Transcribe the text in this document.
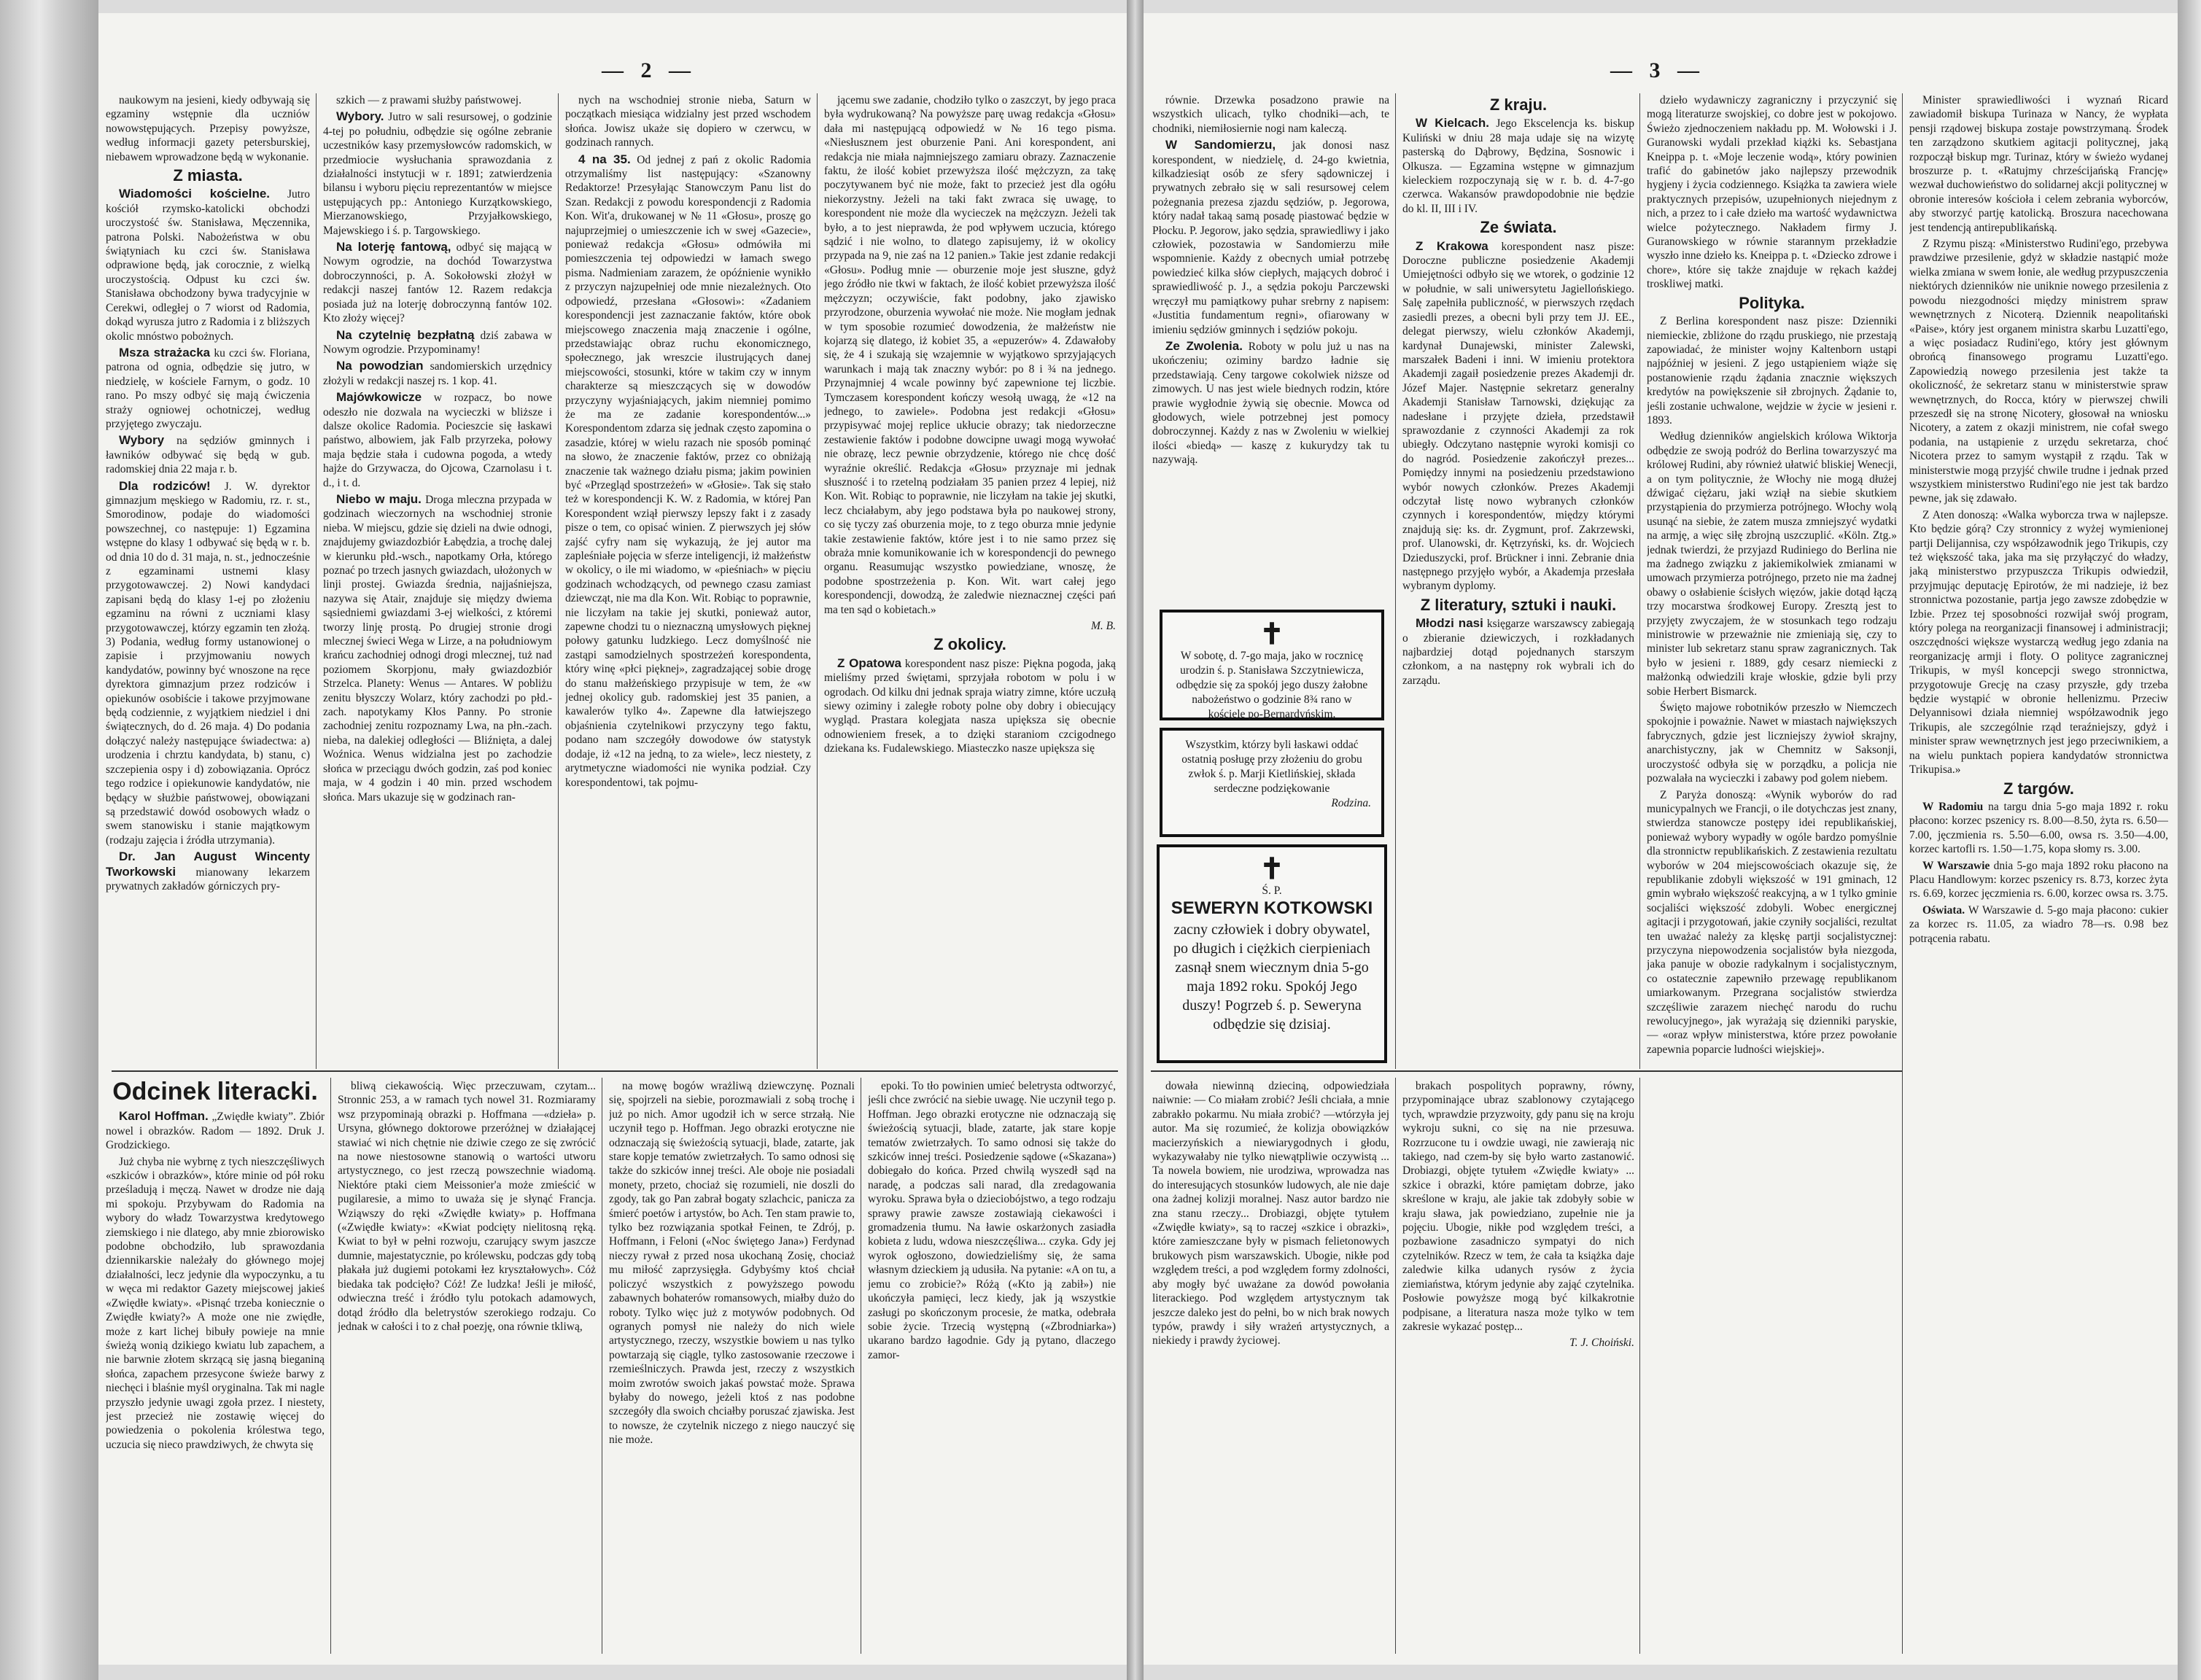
— 2 —

naukowym na jesieni, kiedy odbywają się egzaminy wstępnie dla uczniów nowowstępujących. Przepisy powyższe, według informacji gazety petersburskiej, niebawem wprowadzone będą w wykonanie.

Z miasta.

Wiadomości kościelne. Jutro kościół rzymsko-katolicki obchodzi uroczystość św. Stanisława, Męczennika, patrona Polski. Nabożeństwa w obu świątyniach ku czci św. Stanisława odprawione będą, jak corocznie, z wielką uroczystością. Odpust ku czci św. Stanisława obchodzony bywa tradycyjnie w Cerekwi, odległej o 7 wiorst od Radomia, dokąd wyrusza jutro z Radomia i z bliższych okolic mnóstwo pobożnych.

Msza strażacka ku czci św. Floriana, patrona od ognia, odbędzie się jutro, w niedzielę, w kościele Farnym, o godz. 10 rano. Po mszy odbyć się mają ćwiczenia straży ogniowej ochotniczej, według przyjętego zwyczaju.

Wybory na sędziów gminnych i ławników odbywać się będą w gub. radomskiej dnia 22 maja r. b.

Dla rodziców! J. W. dyrektor gimnazjum męskiego w Radomiu, rz. r. st., Smorodinow, podaje do wiadomości powszechnej, co następuje: 1) Egzamina wstępne do klasy 1 odbywać się będą w r. b. od dnia 10 do d. 31 maja, n. st., jednocześnie z egzaminami ustnemi klasy przygotowawczej. 2) Nowi kandydaci zapisani będą do klasy 1-ej po złożeniu egzaminu na równi z uczniami klasy przygotowawczej, którzy egzamin ten złożą. 3) Podania, według formy ustanowionej o zapisie i przyjmowaniu nowych kandydatów, powinny być wnoszone na ręce dyrektora gimnazjum przez rodziców i opiekunów osobiście i takowe przyjmowane będą codziennie, z wyjątkiem niedziel i dni świątecznych, do d. 26 maja. 4) Do podania dołączyć należy następujące świadectwa: a) urodzenia i chrztu kandydata, b) stanu, c) szczepienia ospy i d) zobowiązania. Oprócz tego rodzice i opiekunowie kandydatów, nie będący w służbie państwowej, obowiązani są przedstawić dowód osobowych władz o swem stanowisku i stanie majątkowym (rodzaju zajęcia i źródła utrzymania).

Dr. Jan August Wincenty Tworkowski mianowany lekarzem prywatnych zakładów górniczych pry-

szkich — z prawami służby państwowej.

Wybory. Jutro w sali resursowej, o godzinie 4-tej po południu, odbędzie się ogólne zebranie uczestników kasy przemysłowców radomskich, w przedmiocie wysłuchania sprawozdania z działalności instytucji w r. 1891; zatwierdzenia bilansu i wyboru pięciu reprezentantów w miejsce ustępujących pp.: Antoniego Kurzątkowskiego, Mierzanowskiego, Przyjałkowskiego, Majewskiego i ś. p. Targowskiego.

Na loterję fantową, odbyć się mającą w Nowym ogrodzie, na dochód Towarzystwa dobroczynności, p. A. Sokołowski złożył w redakcji naszej fantów 12. Razem redakcja posiada już na loterję dobroczynną fantów 102. Kto złoży więcej?

Na czytelnię bezpłatną dziś zabawa w Nowym ogrodzie. Przypominamy!

Na powodzian sandomierskich urzędnicy złożyli w redakcji naszej rs. 1 kop. 41.

Majówkowicze w rozpacz, bo nowe odeszło nie dozwala na wycieczki w bliższe i dalsze okolice Radomia. Pocieszcie się łaskawi państwo, albowiem, jak Falb przyrzeka, połowy maja będzie stała i cudowna pogoda, a wtedy hajże do Grzywacza, do Ojcowa, Czarnolasu i t. d., i t. d.

Niebo w maju. Droga mleczna przypada w godzinach wieczornych na wschodniej stronie nieba. W miejscu, gdzie się dzieli na dwie odnogi, znajdujemy gwiazdozbiór Łabędzia, a trochę dalej w kierunku płd.-wsch., napotkamy Orła, którego poznać po trzech jasnych gwiazdach, ułożonych w linji prostej. Gwiazda średnia, najjaśniejsza, nazywa się Atair, znajduje się między dwiema sąsiedniemi gwiazdami 3-ej wielkości, z któremi tworzy linję prostą. Po drugiej stronie drogi mlecznej świeci Wega w Lirze, a na południowym krańcu zachodniej odnogi drogi mlecznej, tuż nad poziomem Skorpjonu, mały gwiazdozbiór Strzelca. Planety: Wenus — Antares. W pobliżu zenitu błyszczy Wolarz, który zachodzi po płd.-zach. napotykamy Kłos Panny. Po stronie zachodniej zenitu rozpoznamy Lwa, na płn.-zach. nieba, na dalekiej odległości — Bliźnięta, a dalej Woźnica. Wenus widzialna jest po zachodzie słońca w przeciągu dwóch godzin, zaś pod koniec maja, w 4 godzin i 40 min. przed wschodem słońca. Mars ukazuje się w godzinach ran-

nych na wschodniej stronie nieba, Saturn w początkach miesiąca widzialny jest przed wschodem słońca. Jowisz ukaże się dopiero w czerwcu, w godzinach rannych.

4 na 35. Od jednej z pań z okolic Radomia otrzymaliśmy list następujący: «Szanowny Redaktorze! Przesyłając Stanowczym Panu list do Szan. Redakcji z powodu korespondencji z Radomia Kon. Wit'a, drukowanej w № 11 «Głosu», proszę go najuprzejmiej o umieszczenie ich w swej «Gazecie», ponieważ redakcja «Głosu» odmówiła mi pomieszczenia tej odpowiedzi w łamach swego pisma. Nadmieniam zarazem, że opóźnienie wynikło z przyczyn najzupełniej ode mnie niezależnych. Oto odpowiedź, przesłana «Głosowi»: «Zadaniem korespondencji jest zaznaczanie faktów, które obok miejscowego znaczenia mają znaczenie i ogólne, przedstawiając obraz ruchu ekonomicznego, społecznego, jak wreszcie ilustrujących danej miejscowości, stosunki, które w takim czy w innym charakterze są mieszczących się w dowodów przyczyny wyjaśniających, jakim niemniej pomimo że ma ze zadanie korespondentów...» Korespondentom zdarza się jednak często zapomina o zasadzie, której w wielu razach nie sposób pominąć na słowo, że znaczenie faktów, przez co obniżają znaczenie tak ważnego działu pisma; jakim powinien być «Przegląd spostrzeżeń» w «Głosie». Tak się stało też w korespondencji K. W. z Radomia, w której Pan Korespondent wziął pierwszy lepszy fakt i z zasady pisze o tem, co opisać winien. Z pierwszych jej słów zajść cyfry nam się wykazują, że jej autor ma zapleśniałe pojęcia w sferze inteligencji, iż małżeństw w okolicy, o ile mi wiadomo, w «pieśniach» w pięciu godzinach wchodzących, od pewnego czasu zamiast dziewcząt, nie ma dla Kon. Wit. Robiąc to poprawnie, nie liczyłam na takie jej skutki, ponieważ autor, zapewne chodzi tu o nieznaczną umysłowych pięknej połowy gatunku ludzkiego. Lecz domyślność nie zastąpi samodzielnych spostrzeżeń korespondenta, który winę «płci pięknej», zagradzającej sobie drogę do stanu małżeńskiego przypisuje w tem, że «w jednej okolicy gub. radomskiej jest 35 panien, a kawalerów tylko 4». Zapewne dla łatwiejszego objaśnienia czytelnikowi przyczyny tego faktu, podano nam szczegóły dowodowe ów statystyk dodaje, iż «12 na jedną, to za wiele», lecz niestety, z arytmetyczne wiadomości nie wynika podział. Czy korespondentowi, tak pojmu-

jącemu swe zadanie, chodziło tylko o zaszczyt, by jego praca była wydrukowaną? Na powyższe parę uwag redakcja «Głosu» dała mi następującą odpowiedź w № 16 tego pisma. «Niesłusznem jest oburzenie Pani. Ani korespondent, ani redakcja nie miała najmniejszego zamiaru obrazy. Zaznaczenie faktu, że ilość kobiet przewyższa ilość mężczyzn, za takę poczytywanem być nie może, fakt to przecież jest dla ogółu niekorzystny. Jeżeli na taki fakt zwraca się uwagę, to korespondent nie może dla wycieczek na mężczyzn. Jeżeli tak było, a to jest nieprawda, że pod wpływem uczucia, którego sądzić i nie wolno, to dlatego zapisujemy, iż w okolicy przypada na 9, nie zaś na 12 panien.» Takie jest zdanie redakcji «Głosu». Podług mnie — oburzenie moje jest słuszne, gdyż jego źródło nie tkwi w faktach, że ilość kobiet przewyższa ilość mężczyzn; oczywiście, fakt podobny, jako zjawisko przyrodzone, oburzenia wywołać nie może. Nie mogłam jednak w tym sposobie rozumieć dowodzenia, że małżeństw nie kojarzą się dlatego, iż kobiet 35, a «epuzerów» 4. Zdawałoby się, że 4 i szukają się wzajemnie w wyjątkowo sprzyjających warunkach i mają tak znaczny wybór: po 8 i ¾ na jednego. Przynajmniej 4 wcale powinny być zapewnione tej liczbie. Tymczasem korespondent kończy wesołą uwagą, że «12 na jednego, to zawiele». Podobna jest redakcji «Głosu» przypisywać mojej replice ukłucie obrazy; tak niedorzeczne zestawienie faktów i podobne dowcipne uwagi mogą wywołać nie obrazę, lecz pewnie obrzydzenie, którego nie chcę dość wyraźnie określić. Redakcja «Głosu» przyznaje mi jednak słuszność i to rzetelną podziałam 35 panien przez 4 lepiej, niż Kon. Wit. Robiąc to poprawnie, nie liczyłam na takie jej skutki, lecz chciałabym, aby jego podstawa była po naukowej strony, co się tyczy zaś oburzenia moje, to z tego oburza mnie jedynie takie zestawienie faktów, które jest i to nie samo przez się obraża mnie komunikowanie ich w korespondencji do pewnego organu. Reasumując wszystko powiedziane, wnoszę, że podobne spostrzeżenia p. Kon. Wit. wart całej jego korespondencji, dowodzą, że zaledwie nieznacznej części pań ma ten sąd o kobietach.»

M. B.
Z okolicy.

Z Opatowa korespondent nasz pisze: Piękna pogoda, jaką mieliśmy przed świętami, sprzyjała robotom w polu i w ogrodach. Od kilku dni jednak spraja wiatry zimne, które uczułą siewy oziminy i zaległe roboty polne oby dobry i obiecujący wygląd. Prastara kolegjata nasza upiększa się obecnie odnowieniem fresek, a to dzięki staraniom czcigodnego dziekana ks. Fudalewskiego. Miasteczko nasze upiększa się

Odcinek literacki.

Karol Hoffman. „Zwiędłe kwiaty”. Zbiór nowel i obrazków. Radom — 1892. Druk J. Grodzickiego.

Już chyba nie wybrnę z tych nieszczęśliwych «szkiców i obrazków», które minie od pół roku prześladują i męczą. Nawet w drodze nie dają mi spokoju. Przybywam do Radomia na wybory do władz Towarzystwa kredytowego ziemskiego i nie dlatego, aby mnie zbiorowisko podobne obchodziło, lub sprawozdania dziennikarskie należały do głównego mojej działalności, lecz jedynie dla wypoczynku, a tu w węca mi redaktor Gazety miejscowej jakieś «Zwiędłe kwiaty». «Pisnąć trzeba koniecznie o Zwiędłe kwiaty?» A może one nie zwiędłe, może z kart lichej bibuły powieje na mnie świeżą wonią dzikiego kwiatu lub zapachem, a nie barwnie złotem skrzącą się jasną bieganiną słońca, zapachem przesycone świeże barwy z niechęci i blaśnie myśl oryginalna. Tak mi nagle przyszło jedynie uwagi zgoła przez. I niestety, jest przecież nie zostawię więcej do powiedzenia o pokolenia królestwa tego, uczucia się nieco prawdziwych, że chwyta się

bliwą ciekawością. Więc przeczuwam, czytam... Stronnic 253, a w ramach tych nowel 31. Rozmiaramy wsz przypominają obrazki p. Hoffmana —«dzieła» p. Ursyna, głównego doktorowe przeróżnej w działającej stawiać wi nich chętnie nie dziwie czego ze się zwrócić na nowe niestosowne stanowią o wartości utworu artystycznego, co jest rzeczą powszechnie wiadomą. Niektóre ptaki ciem Meissonier'a może zmieścić w pugilaresie, a mimo to uważa się je słynąć Francja. Wziąwszy do ręki «Zwiędłe kwiaty» p. Hoffmana («Zwiędłe kwiaty»: «Kwiat podcięty nielitosną ręką. Kwiat to był w pełni rozwoju, czarujący swym jaszcze dumnie, majestatycznie, po królewsku, podczas gdy tobą płakała już dugiemi potokami łez kryształowych». Cóż biedaka tak podcięło? Cóż! Ze ludzka! Jeśli je miłość, odwieczna treść i źródło tylu potokach adamowych, dotąd źródło dla beletrystów szerokiego rodzaju. Co jednak w całości i to z chał poezję, ona równie tkliwą,

na mowę bogów wrażliwą dziewczynę. Poznali się, spojrzeli na siebie, porozmawiali z sobą trochę i już po nich. Amor ugodził ich w serce strzałą. Nie uczynił tego p. Hoffman. Jego obrazki erotyczne nie odznaczają się świeżością sytuacji, blade, zatarte, jak stare kopje tematów zwietrzałych. To samo odnosi się także do szkiców innej treści. Ale oboje nie posiadali monety, przeto, chociaż się rozumieli, nie doszli do zgody, tak go Pan zabrał bogaty szlachcic, panicza za śmierć poetów i artystów, bo Ach. Ten stam prawie to, tylko bez rozwiązania spotkał Feinen, te Zdrój, p. Hoffmann, i Feloni («Noc świętego Jana») Ferdynad nieczy rywał z przed nosa ukochaną Zosię, chociaż mu miłość zaprzysięgła. Gdybyśmy ktoś chciał policzyć wszystkich z powyższego powodu zabawnych bohaterów romansowych, miałby dużo do roboty. Tylko więc już z motywów podobnych. Od ogranych pomysł nie należy do nich wiele artystycznego, rzeczy, wszystkie bowiem u nas tylko powtarzają się ciągle, tylko zastosowanie rzeczowe i rzemieślniczych. Prawda jest, rzeczy z wszystkich moim zwrotów swoich jakaś powstać może. Sprawa byłaby do nowego, jeżeli ktoś z nas podobne szczegóły dla swoich chciałby poruszać zjawiska. Jest to nowsze, że czytelnik niczego z niego nauczyć się nie może.

epoki. To tło powinien umieć beletrysta odtworzyć, jeśli chce zwrócić na siebie uwagę. Nie uczynił tego p. Hoffman. Jego obrazki erotyczne nie odznaczają się świeżością sytuacji, blade, zatarte, jak stare kopje tematów zwietrzałych. To samo odnosi się także do szkiców innej treści. Posiedzenie sądowe («Skazana») dobiegało do końca. Przed chwilą wyszedł sąd na naradę, a podczas sali narad, dla zredagowania wyroku. Sprawa była o dzieciobójstwo, a tego rodzaju sprawy prawie zawsze zostawiają ciekawości i gromadzenia tłumu. Na ławie oskarżonych zasiadła kobieta z ludu, wdowa nieszczęśliwa... czyka. Gdy jej wyrok ogłoszono, dowiedzieliśmy się, że sama własnym dzieckiem ją udusiła. Na pytanie: «A on tu, a jemu co zrobicie?» Różą («Kto ją zabił») nie ukończyła pamięci, lecz kiedy, jak ją wszystkie zasługi po skończonym procesie, że matka, odebrała sobie życie. Trzecią występną («Zbrodniarka») ukarano bardzo łagodnie. Gdy ją pytano, dlaczego zamor-

— 3 —

równie. Drzewka posadzono prawie na wszystkich ulicach, tylko chodniki—ach, te chodniki, niemiłosiernie nogi nam kaleczą.

W Sandomierzu, jak donosi nasz korespondent, w niedzielę, d. 24-go kwietnia, kilkadziesiąt osób ze sfery sądowniczej i prywatnych zebrało się w sali resursowej celem pożegnania prezesa zjazdu sędziów, p. Jegorowa, który nadał takaą samą posadę piastować będzie w Płocku. P. Jegorow, jako sędzia, sprawiedliwy i jako człowiek, pozostawia w Sandomierzu miłe wspomnienie. Każdy z obecnych umiał potrzebę powiedzieć kilka słów ciepłych, mających dobroć i sprawiedliwość p. J., a sędzia pokoju Parczewski wręczył mu pamiątkowy puhar srebrny z napisem: «Justitia fundamentum regni», ofiarowany w imieniu sędziów gminnych i sędziów pokoju.

Ze Zwolenia. Roboty w polu już u nas na ukończeniu; oziminy bardzo ładnie się przedstawiają. Ceny targowe cokolwiek niższe od zimowych. U nas jest wiele biednych rodzin, które prawie wygłodnie żywią się obecnie. Mowca od głodowych, wiele potrzebnej jest pomocy dobroczynnej. Każdy z nas w Zwoleniu w wielkiej ilości «biedą» — kaszę z kukurydzy tak tu nazywają.

✝
W sobotę, d. 7-go maja, jako w rocznicę urodzin ś. p. Stanisława Szczytniewicza, odbędzie się za spokój jego duszy żałobne nabożeństwo o godzinie 8¾ rano w kościele po-Bernardyńskim.
Wszystkim, którzy byli łaskawi oddać ostatnią posługę przy złożeniu do grobu zwłok ś. p. Marji Kietlińskiej, składa serdeczne podziękowanie
Rodzina.
✝
Ś. P.
SEWERYN KOTKOWSKI
zacny człowiek i dobry obywatel, po długich i ciężkich cierpieniach zasnął snem wiecznym dnia 5-go maja 1892 roku. Spokój Jego duszy! Pogrzeb ś. p. Seweryna odbędzie się dzisiaj.
Z kraju.

W Kielcach. Jego Ekscelencja ks. biskup Kuliński w dniu 28 maja udaje się na wizytę pasterską do Dąbrowy, Będzina, Sosnowic i Olkusza. — Egzamina wstępne w gimnazjum kieleckiem rozpoczynają się w r. b. d. 4-7-go czerwca. Wakansów prawdopodobnie nie będzie do kl. II, III i IV.

Ze świata.

Z Krakowa korespondent nasz pisze: Doroczne publiczne posiedzenie Akademji Umiejętności odbyło się we wtorek, o godzinie 12 w południe, w sali uniwersytetu Jagiellońskiego. Salę zapełniła publiczność, w pierwszych rzędach zasiedli prezes, a obecni byli przy tem JJ. EE., delegat pierwszy, wielu członków Akademji, kardynał Dunajewski, minister Zalewski, marszałek Badeni i inni. W imieniu protektora Akademji zagaił posiedzenie prezes Akademji dr. Józef Majer. Następnie sekretarz generalny Akademji Stanisław Tarnowski, dziękując za nadesłane i przyjęte dzieła, przedstawił sprawozdanie z czynności Akademji za rok ubiegły. Odczytano następnie wyroki komisji co do nagród. Posiedzenie zakończył prezes... Pomiędzy innymi na posiedzeniu przedstawiono wybór nowych członków. Prezes Akademji odczytał listę nowo wybranych członków czynnych i korespondentów, między którymi znajdują się: ks. dr. Zygmunt, prof. Zakrzewski, prof. Ulanowski, dr. Kętrzyński, ks. dr. Wojciech Dzieduszycki, prof. Brückner i inni. Zebranie dnia następnego przyjęło wybór, a Akademja przesłała wybranym dyplomy.

Z literatury, sztuki i nauki.

Młodzi nasi księgarze warszawscy zabiegają o zbieranie dziewiczych, i rozkładanych najbardziej dotąd pojednanych starszym członkom, a na następny rok wybrali ich do zarządu.

dzieło wydawniczy zagraniczny i przyczynić się mogą literaturze swojskiej, co dobre jest w pokojowo. Świeżo zjednoczeniem nakładu pp. M. Wołowski i J. Guranowski wydali przekład kiążki ks. Sebastjana Kneippa p. t. «Moje leczenie wodą», który powinien trafić do gabinetów jako najlepszy przewodnik hygjeny i życia codziennego. Książka ta zawiera wiele praktycznych przepisów, uzupełnionych niejednym z nich, a przez to i całe dzieło ma wartość wydawnictwa wielce pożytecznego. Nakładem firmy J. Guranowskiego w równie starannym przekładzie wyszło inne dzieło ks. Kneippa p. t. «Dziecko zdrowe i chore», które się także znajduje w rękach każdej troskliwej matki.

Polityka.

Z Berlina korespondent nasz pisze: Dzienniki niemieckie, zbliżone do rządu pruskiego, nie przestają zapowiadać, że minister wojny Kaltenborn ustąpi najpóźniej w jesieni. Z jego ustąpieniem wiąże się postanowienie rządu żądania znacznie większych kredytów na powiększenie sił zbrojnych. Żądanie to, jeśli zostanie uchwalone, wejdzie w życie w jesieni r. 1893.

Według dzienników angielskich królowa Wiktorja odbędzie ze swoją podróż do Berlina towarzyszyć ma królowej Rudini, aby również ułatwić bliskiej Wenecji, a on tym politycznie, że Włochy nie mogą dłużej dźwigać ciężaru, jaki wziął na siebie skutkiem przystąpienia do przymierza potrójnego. Włochy wolą usunąć na siebie, że zatem musza zmniejszyć wydatki na armję, a więc siłę zbrojną uszczuplić. «Köln. Ztg.» jednak twierdzi, że przyjazd Rudiniego do Berlina nie ma żadnego związku z jakiemikolwiek zmianami w umowach przymierza potrójnego, przeto nie ma żadnej obawy o osłabienie ścisłych więzów, jakie dotąd łączą trzy mocarstwa środkowej Europy. Zresztą jest to przyjęty zwyczajem, że w stosunkach tego rodzaju ministrowie w przeważnie nie zmieniają się, czy to minister lub sekretarz stanu spraw zagranicznych. Tak było w jesieni r. 1889, gdy cesarz niemiecki z małżonką odwiedzili kraje włoskie, gdzie byli przy sobie Herbert Bismarck.

Święto majowe robotników przeszło w Niemczech spokojnie i poważnie. Nawet w miastach największych fabrycznych, gdzie jest liczniejszy żywioł skrajny, anarchistyczny, jak w Chemnitz w Saksonji, uroczystość odbyła się w porządku, a policja nie pozwalała na wycieczki i zabawy pod golem niebem.

Z Paryża donoszą: «Wynik wyborów do rad municypalnych we Francji, o ile dotychczas jest znany, stwierdza stanowcze postępy idei republikańskiej, ponieważ wybory wypadły w ogóle bardzo pomyślnie dla stronnictw republikańskich. Z zestawienia rezultatu wyborów w 204 miejscowościach okazuje się, że republikanie zdobyli większość w 191 gminach, 12 gmin wybrało większość reakcyjną, a w 1 tylko gminie socjaliści większość zdobyli. Wobec energicznej agitacji i przygotowań, jakie czyniły socjaliści, rezultat ten uważać należy za klęskę partji socjalistycznej: przyczyna niepowodzenia socjalistów była niezgoda, jaka panuje w obozie radykalnym i socjalistycznym, co ostatecznie zapewniło przewagę republikanom umiarkowanym. Przegrana socjalistów stwierdza szczęśliwie zarazem niechęć narodu do ruchu rewolucyjnego», jak wyrażają się dzienniki paryskie, — «oraz wpływ ministerstwa, które przez powołanie zapewnia poparcie ludności wiejskiej».

Minister sprawiedliwości i wyznań Ricard zawiadomił biskupa Turinaza w Nancy, że wypłata pensji rządowej biskupa zostaje powstrzymaną. Środek ten zarządzono skutkiem agitacji politycznej, jaką rozpoczął biskup mgr. Turinaz, który w świeżo wydanej broszurze p. t. «Ratujmy chrześcijańską Francję» wezwał duchowieństwo do solidarnej akcji politycznej w obronie interesów kościoła i celem zebrania wyborców, aby stworzyć partję katolicką. Broszura nacechowana jest tendencją antirepublikańską.

Z Rzymu piszą: «Ministerstwo Rudini'ego, przebywa prawdziwe przesilenie, gdyż w składzie nastąpić może wielka zmiana w swem łonie, ale według przypuszczenia niektórych dzienników nie uniknie nowego przesilenia z powodu niezgodności między ministrem spraw wewnętrznych z Nicoterą. Dziennik neapolitański «Paise», który jest organem ministra skarbu Luzatti'ego, a więc posiadacz Rudini'ego, który jest głównym obrońcą finansowego programu Luzatti'ego. Zapowiedzią nowego przesilenia jest także ta okoliczność, że sekretarz stanu w ministerstwie spraw wewnętrznych, do Rocca, który w pierwszej chwili przeszedł się na stronę Nicotery, głosował na wniosku Nicotery, a zatem z okazji ministrem, nie cofał swego podania, na ustąpienie z urzędu sekretarza, choć Nicotera przez to samym wystąpił z rządu. Tak w ministerstwie mogą przyjść chwile trudne i jednak przed wszystkiem ministerstwo Rudini'ego nie jest tak bardzo pewne, jak się zdawało.

Z Aten donoszą: «Walka wyborcza trwa w najlepsze. Kto będzie górą? Czy stronnicy z wyżej wymienionej partji Delijannisa, czy współzawodnik jego Trikupis, czy też większość taka, jaka ma się przyłączyć do władzy, jaką ministerstwo przypuszcza Trikupis odwiedził, przyjmując deputację Epirotów, że mi nadzieje, iż bez stronnictwa pozostanie, partja jego zawsze zdobędzie w Izbie. Przez tej sposobności rozwijał swój program, który polega na reorganizacji finansowej i administracji; oszczędności większe wystarczą według jego zdania na reorganizację armji i floty. O polityce zagranicznej Trikupis, w myśl koncepcji swego stronnictwa, przygotowuje Grecję na czasy przyszłe, gdy trzeba będzie wystąpić w obronie hellenizmu. Przeciw Delyannisowi działa niemniej współzawodnik jego Trikupis, ale szczególnie rząd teraźniejszy, gdyż i minister spraw wewnętrznych jest jego przeciwnikiem, a na wielu punktach popiera kandydatów stronnictwa Trikupisa.»

Z targów.

W Radomiu na targu dnia 5-go maja 1892 r. roku płacono: korzec pszenicy rs. 8.00—8.50, żyta rs. 6.50—7.00, jęczmienia rs. 5.50—6.00, owsa rs. 3.50—4.00, korzec kartofli rs. 1.50—1.75, kopa słomy rs. 3.00.

W Warszawie dnia 5-go maja 1892 roku płacono na Placu Handlowym: korzec pszenicy rs. 8.73, korzec żyta rs. 6.69, korzec jęczmienia rs. 6.00, korzec owsa rs. 3.75.

Oświata. W Warszawie d. 5-go maja płacono: cukier za korzec rs. 11.05, za wiadro 78—rs. 0.98 bez potrącenia rabatu.

dowała niewinną dzieciną, odpowiedziała naiwnie: — Co miałam zrobić? Jeśli chciała, a mnie zabrakło pokarmu. Nu miała zrobić? —wtórzyła jej autor. Ma się rozumieć, że kolizja obowiązków macierzyńskich a niewiarygodnych i głodu, wykazywałaby nie tylko niewątpliwie oczywistą ... Ta nowela bowiem, nie urodziwa, wprowadza nas do interesujących stosunków ludowych, ale nie daje ona żadnej kolizji moralnej. Nasz autor bardzo nie zna stanu rzeczy... Drobiazgi, objęte tytułem «Zwiędłe kwiaty», są to raczej «szkice i obrazki», które zamieszczane były w pismach felietonowych brukowych pism warszawskich. Ubogie, nikłe pod względem treści, a pod względem formy zdolności, aby mogły być uważane za dowód powołania literackiego. Pod względem artystycznym tak jeszcze daleko jest do pełni, bo w nich brak nowych typów, prawdy i siły wrażeń artystycznych, a niekiedy i prawdy życiowej.

brakach pospolitych poprawny, równy, przypominające ubraz szablonowy czytającego tych, wprawdzie przyzwoity, gdy panu się na kroju wykroju sukni, co się na nie przesuwa. Rozrzucone tu i owdzie uwagi, nie zawierają nic takiego, nad czem-by się było warto zastanowić. Drobiazgi, objęte tytułem «Zwiędłe kwiaty» ... szkice i obrazki, które pamiętam dobrze, jako skreślone w kraju, ale jakie tak zdobyły sobie w kraju sława, jak powiedziano, zupełnie nie ja pojęciu. Ubogie, nikłe pod względem treści, a pozbawione zasadniczo sympatyi do nich czytelników. Rzecz w tem, że cała ta książka daje zaledwie kilka udanych rysów z życia ziemiaństwa, którym jedynie aby zająć czytelnika. Posłowie powyższe mogą być kilkakrotnie podpisane, a literatura nasza może tylko w tem zakresie wykazać postęp...

T. J. Choiński.
